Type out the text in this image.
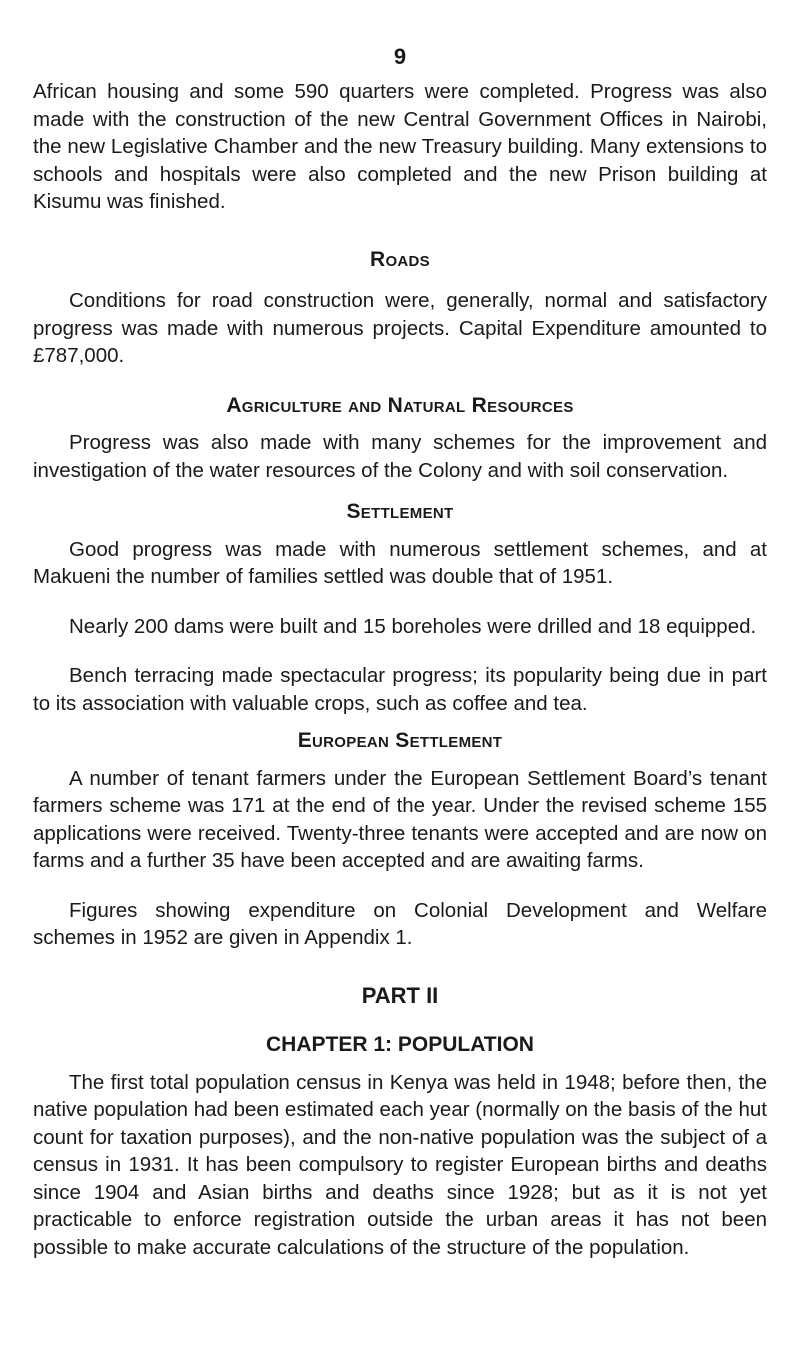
9

African housing and some 590 quarters were completed. Progress was also made with the construction of the new Central Government Offices in Nairobi, the new Legislative Chamber and the new Treasury building. Many extensions to schools and hospitals were also completed and the new Prison building at Kisumu was finished.

Roads

Conditions for road construction were, generally, normal and satisfactory progress was made with numerous projects. Capital Expenditure amounted to £787,000.

Agriculture and Natural Resources

Progress was also made with many schemes for the improvement and investigation of the water resources of the Colony and with soil conservation.

Settlement

Good progress was made with numerous settlement schemes, and at Makueni the number of families settled was double that of 1951.

Nearly 200 dams were built and 15 boreholes were drilled and 18 equipped.

Bench terracing made spectacular progress; its popularity being due in part to its association with valuable crops, such as coffee and tea.

European Settlement

A number of tenant farmers under the European Settlement Board’s tenant farmers scheme was 171 at the end of the year. Under the revised scheme 155 applications were received. Twenty-three tenants were accepted and are now on farms and a further 35 have been accepted and are awaiting farms.

Figures showing expenditure on Colonial Development and Welfare schemes in 1952 are given in Appendix 1.

PART II
CHAPTER 1: POPULATION

The first total population census in Kenya was held in 1948; before then, the native population had been estimated each year (normally on the basis of the hut count for taxation purposes), and the non-native population was the subject of a census in 1931. It has been compulsory to register European births and deaths since 1904 and Asian births and deaths since 1928; but as it is not yet practicable to enforce registration outside the urban areas it has not been possible to make accurate calculations of the structure of the population.
